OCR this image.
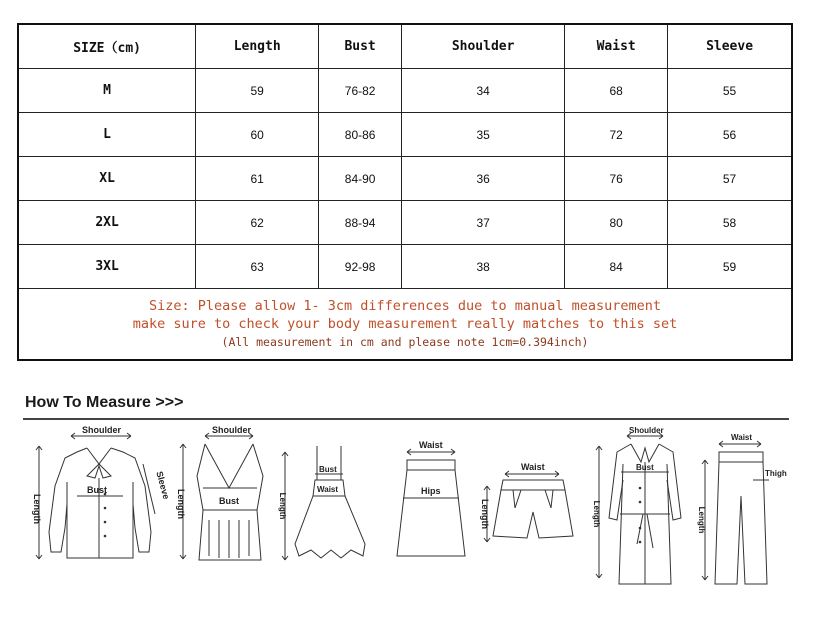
SIZE（cm)	Length	Bust	Shoulder	Waist	Sleeve
M	59	76-82	34	68	55
L	60	80-86	35	72	56
XL	61	84-90	36	76	57
2XL	62	88-94	37	80	58
3XL	63	92-98	38	84	59

Size: Please allow 1- 3cm differences due to manual measurement
make sure to check your body measurement really matches to this set
(All measurement in cm and please note 1cm=0.394inch)					
How To Measure >>>
Shoulder
Bust
Length
Sleeve
Shoulder
Bust
Length
Bust
Waist
Length
Waist
Hips
Waist
Length
Shoulder
Bust
Length
Waist
Thigh
Length
